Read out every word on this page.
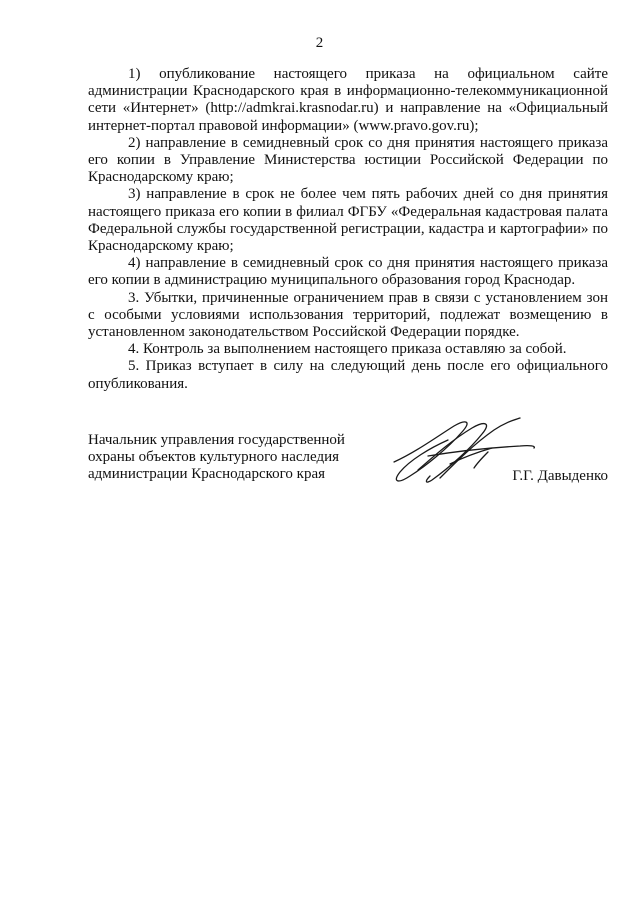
2

1) опубликование настоящего приказа на официальном сайте администрации Краснодарского края в информационно-телекоммуникационной сети «Интернет» (http://admkrai.krasnodar.ru) и направление на «Официальный интернет-портал правовой информации» (www.pravo.gov.ru);

2) направление в семидневный срок со дня принятия настоящего приказа его копии в Управление Министерства юстиции Российской Федерации по Краснодарскому краю;

3) направление в срок не более чем пять рабочих дней со дня принятия настоящего приказа его копии в филиал ФГБУ «Федеральная кадастровая палата Федеральной службы государственной регистрации, кадастра и картографии» по Краснодарскому краю;

4) направление в семидневный срок со дня принятия настоящего приказа его копии в администрацию муниципального образования город Краснодар.

3. Убытки, причиненные ограничением прав в связи с установлением зон с особыми условиями использования территорий, подлежат возмещению в установленном законодательством Российской Федерации порядке.

4. Контроль за выполнением настоящего приказа оставляю за собой.

5. Приказ вступает в силу на следующий день после его официального опубликования.

Начальник управления государственной
охраны объектов культурного наследия
администрации Краснодарского края	Г.Г. Давыденко
